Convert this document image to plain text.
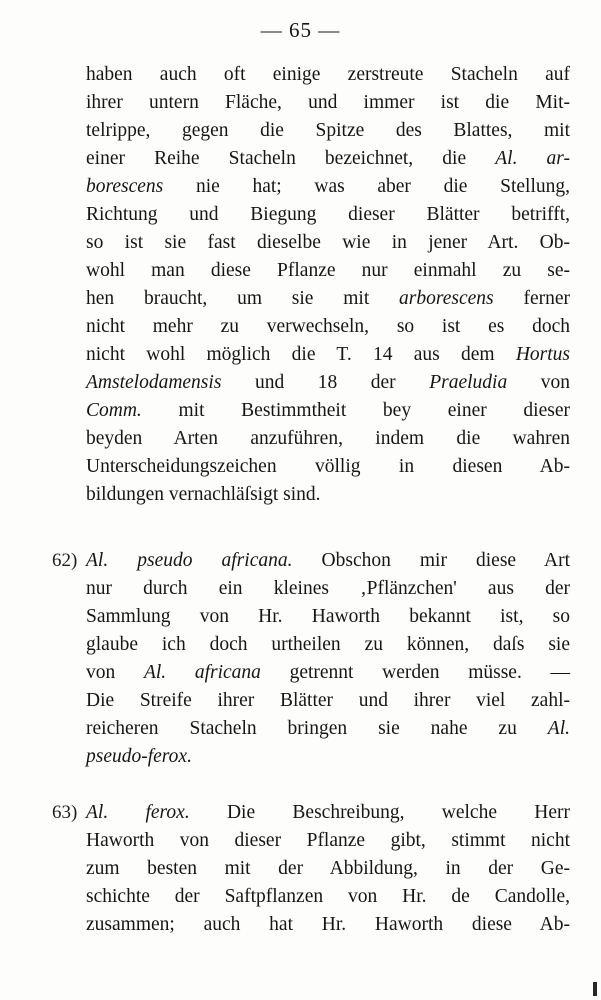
— 65 —
haben auch oft einige zerstreute Stacheln auf
ihrer untern Fläche, und immer ist die Mit-
telrippe, gegen die Spitze des Blattes, mit
einer Reihe Stacheln bezeichnet, die Al. ar-
borescens nie hat; was aber die Stellung,
Richtung und Biegung dieser Blätter betrifft,
so ist sie fast dieselbe wie in jener Art. Ob-
wohl man diese Pflanze nur einmahl zu se-
hen braucht, um sie mit arborescens ferner
nicht mehr zu verwechseln, so ist es doch
nicht wohl möglich die T. 14 aus dem Hortus
Amstelodamensis und 18 der Praeludia von
Comm. mit Bestimmtheit bey einer dieser
beyden Arten anzuführen, indem die wahren
Unterscheidungszeichen völlig in diesen Ab-
bildungen vernachläſsigt sind.
62) Al. pseudo africana. Obschon mir diese Art
nur durch ein kleines ‚Pflänzchen' aus der
Sammlung von Hr. Haworth bekannt ist, so
glaube ich doch urtheilen zu können, daſs sie
von Al. africana getrennt werden müsse. —
Die Streife ihrer Blätter und ihrer viel zahl-
reicheren Stacheln bringen sie nahe zu Al.
pseudo-ferox.
63) Al. ferox. Die Beschreibung, welche Herr
Haworth von dieser Pflanze gibt, stimmt nicht
zum besten mit der Abbildung, in der Ge-
schichte der Saftpflanzen von Hr. de Candolle,
zusammen; auch hat Hr. Haworth diese Ab-
